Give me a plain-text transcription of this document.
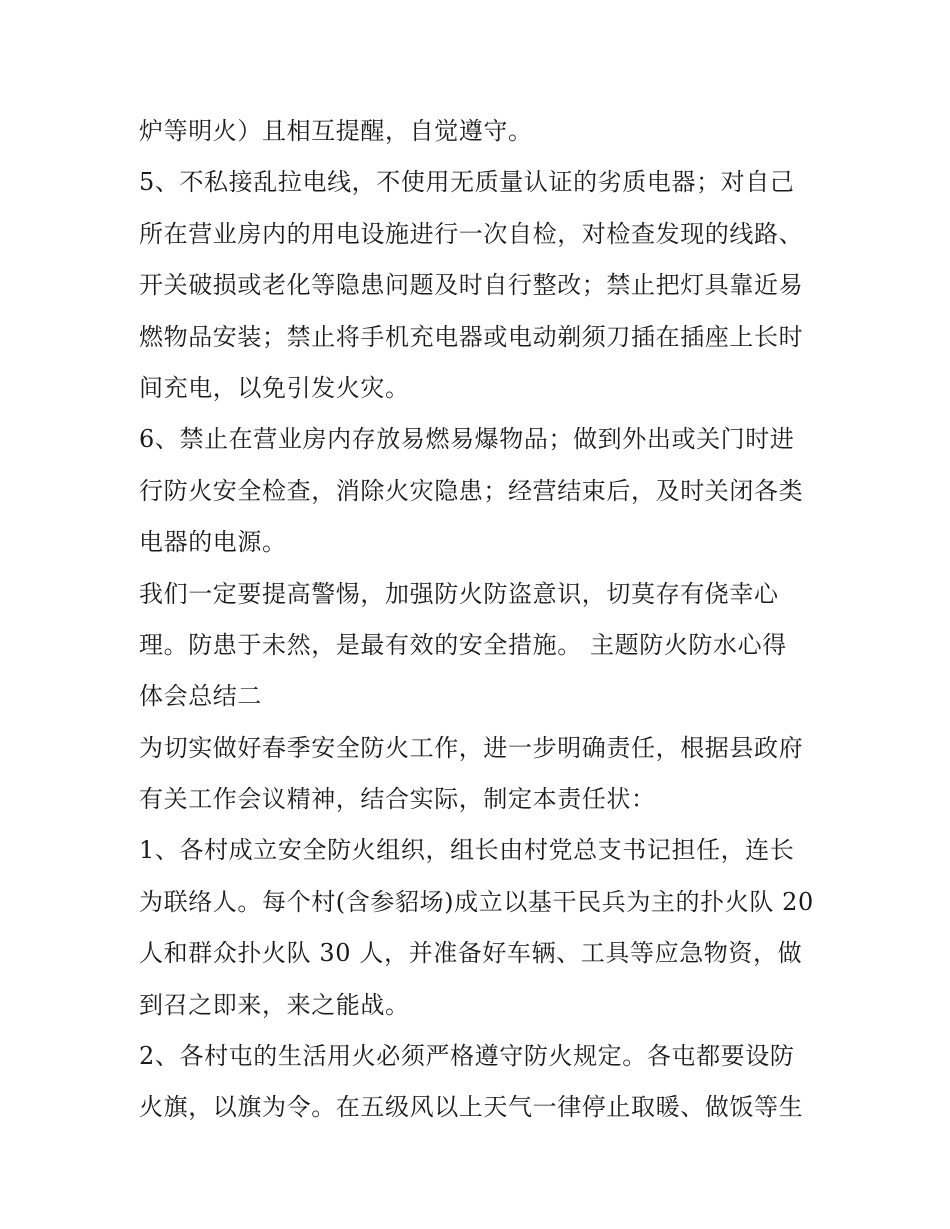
炉等明火）且相互提醒，自觉遵守。
5、不私接乱拉电线，不使用无质量认证的劣质电器；对自己
所在营业房内的用电设施进行一次自检，对检查发现的线路、
开关破损或老化等隐患问题及时自行整改；禁止把灯具靠近易
燃物品安装；禁止将手机充电器或电动剃须刀插在插座上长时
间充电，以免引发火灾。
6、禁止在营业房内存放易燃易爆物品；做到外出或关门时进
行防火安全检查，消除火灾隐患；经营结束后，及时关闭各类
电器的电源。
我们一定要提高警惕，加强防火防盗意识，切莫存有侥幸心
理。防患于未然，是最有效的安全措施。 主题防火防水心得
体会总结二
为切实做好春季安全防火工作，进一步明确责任，根据县政府
有关工作会议精神，结合实际，制定本责任状：
1、各村成立安全防火组织，组长由村党总支书记担任，连长
为联络人。每个村(含参貂场)成立以基干民兵为主的扑火队 20
人和群众扑火队 30 人，并准备好车辆、工具等应急物资，做
到召之即来，来之能战。
2、各村屯的生活用火必须严格遵守防火规定。各屯都要设防
火旗，以旗为令。在五级风以上天气一律停止取暖、做饭等生
